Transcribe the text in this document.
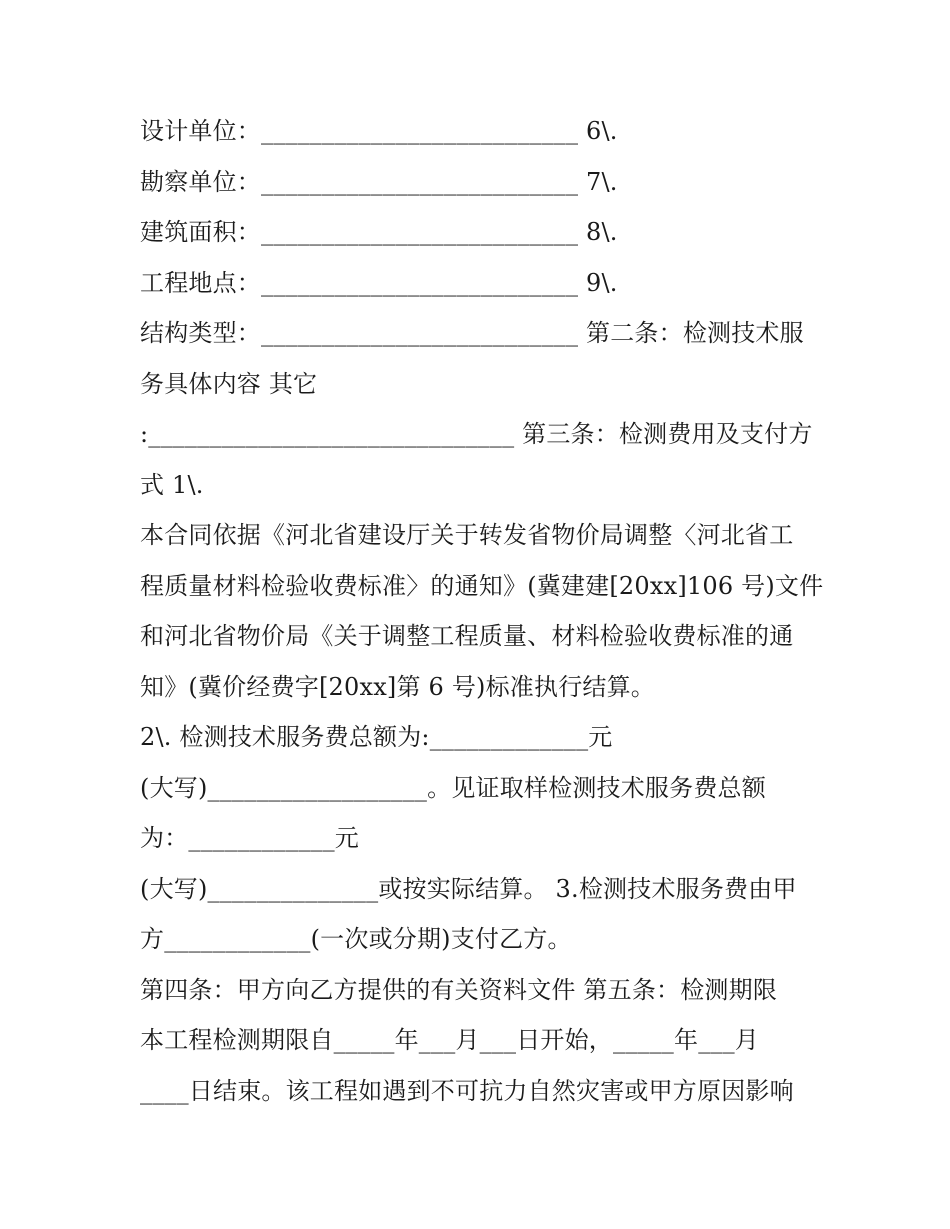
设计单位：__________________________ 6\.
勘察单位：__________________________ 7\.
建筑面积：__________________________ 8\.
工程地点：__________________________ 9\.
结构类型：__________________________ 第二条：检测技术服
务具体内容 其它
:______________________________ 第三条：检测费用及支付方
式 1\.
本合同依据《河北省建设厅关于转发省物价局调整〈河北省工
程质量材料检验收费标准〉的通知》(冀建建[20xx]106 号)文件
和河北省物价局《关于调整工程质量、材料检验收费标准的通
知》(冀价经费字[20xx]第 6 号)标准执行结算。
2\. 检测技术服务费总额为:_____________元
(大写)__________________。见证取样检测技术服务费总额
为：____________元
(大写)______________或按实际结算。 3.检测技术服务费由甲
方____________(一次或分期)支付乙方。
第四条：甲方向乙方提供的有关资料文件 第五条：检测期限
本工程检测期限自_____年___月___日开始，_____年___月
____日结束。该工程如遇到不可抗力自然灾害或甲方原因影响
